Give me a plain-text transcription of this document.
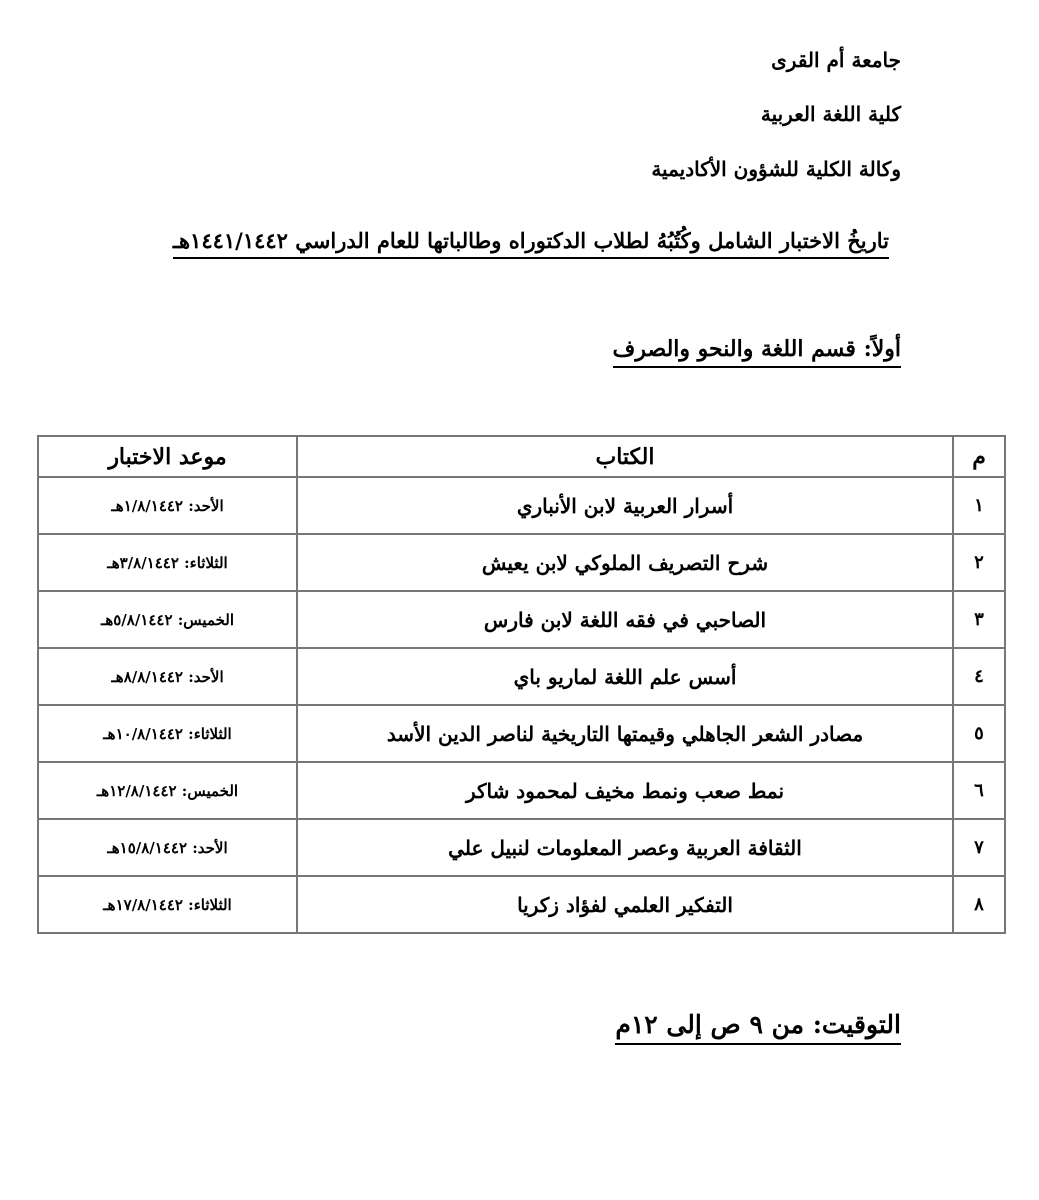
جامعة أم القرى
كلية اللغة العربية
وكالة الكلية للشؤون الأكاديمية
تاريخُ الاختبار الشامل وكُتُبُهُ لطلاب الدكتوراه وطالباتها للعام الدراسي ١٤٤١/١٤٤٢هـ
أولاً: قسم اللغة والنحو والصرف
م	الكتاب	موعد الاختبار
١	أسرار العربية لابن الأنباري	الأحد: ١/٨/١٤٤٢هـ
٢	شرح التصريف الملوكي لابن يعيش	الثلاثاء: ٣/٨/١٤٤٢هـ
٣	الصاحبي في فقه اللغة لابن فارس	الخميس: ٥/٨/١٤٤٢هـ
٤	أسس علم اللغة لماريو باي	الأحد: ٨/٨/١٤٤٢هـ
٥	مصادر الشعر الجاهلي وقيمتها التاريخية لناصر الدين الأسد	الثلاثاء: ١٠/٨/١٤٤٢هـ
٦	نمط صعب ونمط مخيف لمحمود شاكر	الخميس: ١٢/٨/١٤٤٢هـ
٧	الثقافة العربية وعصر المعلومات لنبيل علي	الأحد: ١٥/٨/١٤٤٢هـ
٨	التفكير العلمي لفؤاد زكريا	الثلاثاء: ١٧/٨/١٤٤٢هـ
التوقيت: من ٩ ص إلى ١٢م
